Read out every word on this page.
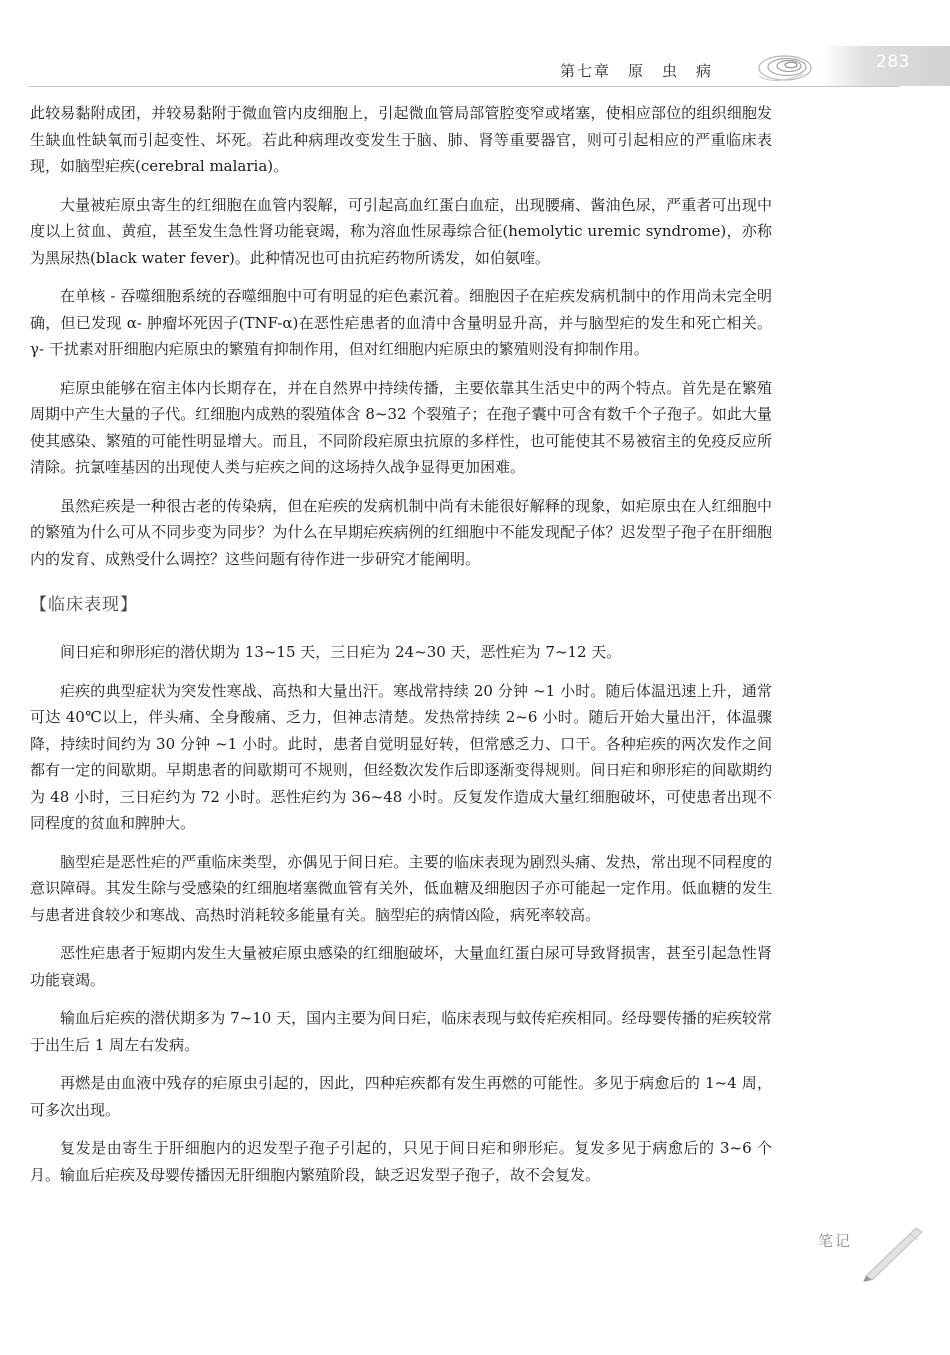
第七章　原　虫　病	283

此较易黏附成团，并较易黏附于微血管内皮细胞上，引起微血管局部管腔变窄或堵塞，使相应部位的组织细胞发生缺血性缺氧而引起变性、坏死。若此种病理改变发生于脑、肺、肾等重要器官，则可引起相应的严重临床表现，如脑型疟疾(cerebral malaria)。

大量被疟原虫寄生的红细胞在血管内裂解，可引起高血红蛋白血症，出现腰痛、酱油色尿，严重者可出现中度以上贫血、黄疸，甚至发生急性肾功能衰竭，称为溶血性尿毒综合征(hemolytic uremic syndrome)，亦称为黑尿热(black water fever)。此种情况也可由抗疟药物所诱发，如伯氨喹。

在单核 - 吞噬细胞系统的吞噬细胞中可有明显的疟色素沉着。细胞因子在疟疾发病机制中的作用尚未完全明确，但已发现 α- 肿瘤坏死因子(TNF-α)在恶性疟患者的血清中含量明显升高，并与脑型疟的发生和死亡相关。γ- 干扰素对肝细胞内疟原虫的繁殖有抑制作用，但对红细胞内疟原虫的繁殖则没有抑制作用。

疟原虫能够在宿主体内长期存在，并在自然界中持续传播，主要依靠其生活史中的两个特点。首先是在繁殖周期中产生大量的子代。红细胞内成熟的裂殖体含 8~32 个裂殖子；在孢子囊中可含有数千个子孢子。如此大量使其感染、繁殖的可能性明显增大。而且，不同阶段疟原虫抗原的多样性，也可能使其不易被宿主的免疫反应所清除。抗氯喹基因的出现使人类与疟疾之间的这场持久战争显得更加困难。

虽然疟疾是一种很古老的传染病，但在疟疾的发病机制中尚有未能很好解释的现象，如疟原虫在人红细胞中的繁殖为什么可从不同步变为同步？为什么在早期疟疾病例的红细胞中不能发现配子体？迟发型子孢子在肝细胞内的发育、成熟受什么调控？这些问题有待作进一步研究才能阐明。

【临床表现】

间日疟和卵形疟的潜伏期为 13~15 天，三日疟为 24~30 天，恶性疟为 7~12 天。

疟疾的典型症状为突发性寒战、高热和大量出汗。寒战常持续 20 分钟 ~1 小时。随后体温迅速上升，通常可达 40℃以上，伴头痛、全身酸痛、乏力，但神志清楚。发热常持续 2~6 小时。随后开始大量出汗，体温骤降，持续时间约为 30 分钟 ~1 小时。此时，患者自觉明显好转，但常感乏力、口干。各种疟疾的两次发作之间都有一定的间歇期。早期患者的间歇期可不规则，但经数次发作后即逐渐变得规则。间日疟和卵形疟的间歇期约为 48 小时，三日疟约为 72 小时。恶性疟约为 36~48 小时。反复发作造成大量红细胞破坏，可使患者出现不同程度的贫血和脾肿大。

脑型疟是恶性疟的严重临床类型，亦偶见于间日疟。主要的临床表现为剧烈头痛、发热，常出现不同程度的意识障碍。其发生除与受感染的红细胞堵塞微血管有关外，低血糖及细胞因子亦可能起一定作用。低血糖的发生与患者进食较少和寒战、高热时消耗较多能量有关。脑型疟的病情凶险，病死率较高。

恶性疟患者于短期内发生大量被疟原虫感染的红细胞破坏，大量血红蛋白尿可导致肾损害，甚至引起急性肾功能衰竭。

输血后疟疾的潜伏期多为 7~10 天，国内主要为间日疟，临床表现与蚊传疟疾相同。经母婴传播的疟疾较常于出生后 1 周左右发病。

再燃是由血液中残存的疟原虫引起的，因此，四种疟疾都有发生再燃的可能性。多见于病愈后的 1~4 周，可多次出现。

复发是由寄生于肝细胞内的迟发型子孢子引起的，只见于间日疟和卵形疟。复发多见于病愈后的 3~6 个月。输血后疟疾及母婴传播因无肝细胞内繁殖阶段，缺乏迟发型子孢子，故不会复发。

笔记
